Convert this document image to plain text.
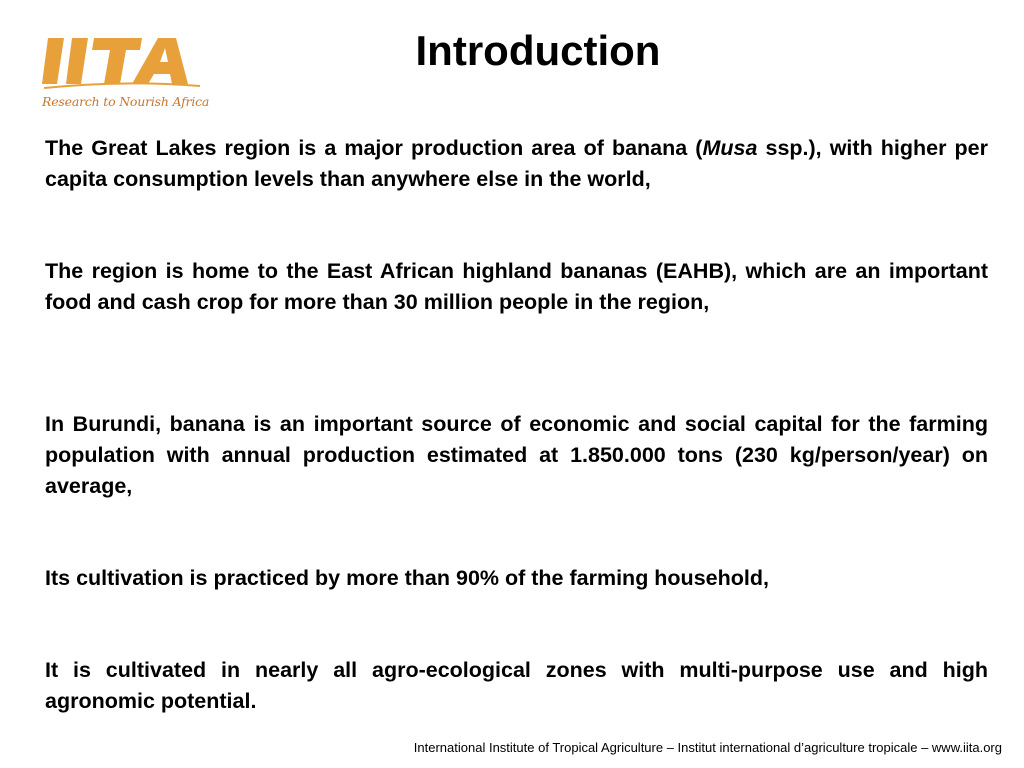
Research to Nourish Africa
Introduction

The Great Lakes region is a major production area of banana (Musa ssp.), with higher per capita consumption levels than anywhere else in the world,

The region is home to the East African highland bananas (EAHB), which are an important food and cash crop for more than 30 million people in the region,

In Burundi, banana is an important source of economic and social capital for the farming population with annual production estimated at 1.850.000 tons (230 kg/person/year) on average,

Its cultivation is practiced by more than 90% of the farming household,

It is cultivated in nearly all agro-ecological zones with multi-purpose use and high agronomic potential.

International Institute of Tropical Agriculture – Institut international d’agriculture tropicale – www.iita.org
